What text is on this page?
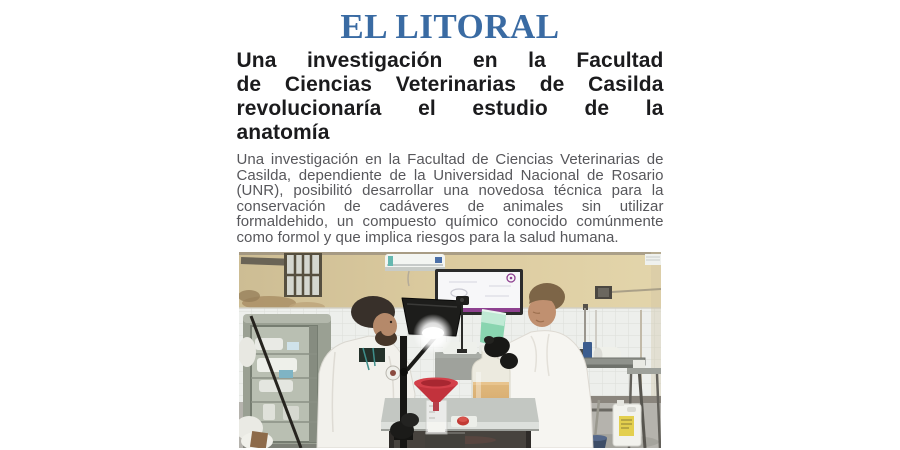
EL LITORAL
Una investigación en la Facultad
de Ciencias Veterinarias de Casilda
revolucionaría el estudio de la
anatomía

Una investigación en la Facultad de Ciencias Veterinarias de
Casilda, dependiente de la Universidad Nacional de Rosario
(UNR), posibilitó desarrollar una novedosa técnica para la
conservación de cadáveres de animales sin utilizar
formaldehido, un compuesto químico conocido comúnmente
como formol y que implica riesgos para la salud humana.
